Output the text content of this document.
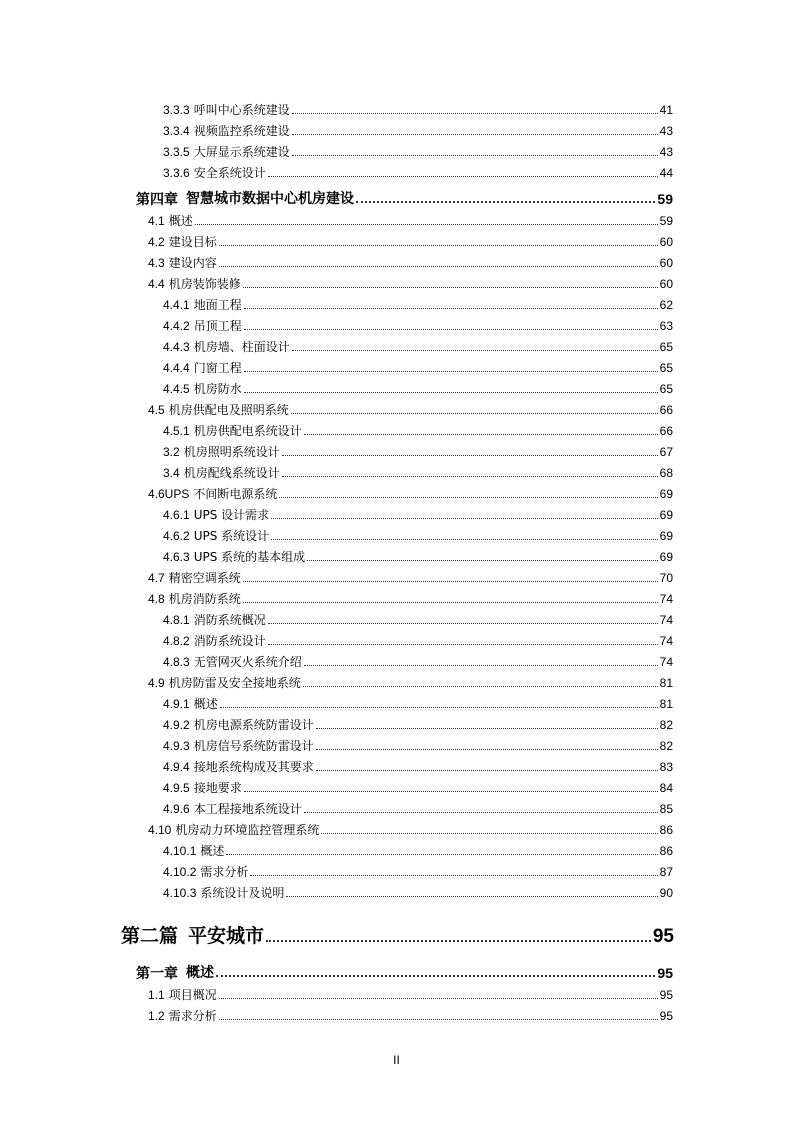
3.3.3 呼叫中心系统建设	41
3.3.4 视频监控系统建设	43
3.3.5 大屏显示系统建设	43
3.3.6 安全系统设计	44
第四章 智慧城市数据中心机房建设	59
4.1 概述	59
4.2 建设目标	60
4.3 建设内容	60
4.4 机房装饰装修	60
4.4.1 地面工程	62
4.4.2 吊顶工程	63
4.4.3 机房墙、柱面设计	65
4.4.4 门窗工程	65
4.4.5 机房防水	65
4.5 机房供配电及照明系统	66
4.5.1 机房供配电系统设计	66
3.2 机房照明系统设计	67
3.4 机房配线系统设计	68
4.6UPS 不间断电源系统	69
4.6.1 UPS 设计需求	69
4.6.2 UPS 系统设计	69
4.6.3 UPS 系统的基本组成	69
4.7 精密空调系统	70
4.8 机房消防系统	74
4.8.1 消防系统概况	74
4.8.2 消防系统设计	74
4.8.3 无管网灭火系统介绍	74
4.9 机房防雷及安全接地系统	81
4.9.1 概述	81
4.9.2 机房电源系统防雷设计	82
4.9.3 机房信号系统防雷设计	82
4.9.4 接地系统构成及其要求	83
4.9.5 接地要求	84
4.9.6 本工程接地系统设计	85
4.10 机房动力环境监控管理系统	86
4.10.1 概述	86
4.10.2 需求分析	87
4.10.3 系统设计及说明	90
第二篇 平安城市	95
第一章 概述	95
1.1 项目概况	95
1.2 需求分析	95
II
